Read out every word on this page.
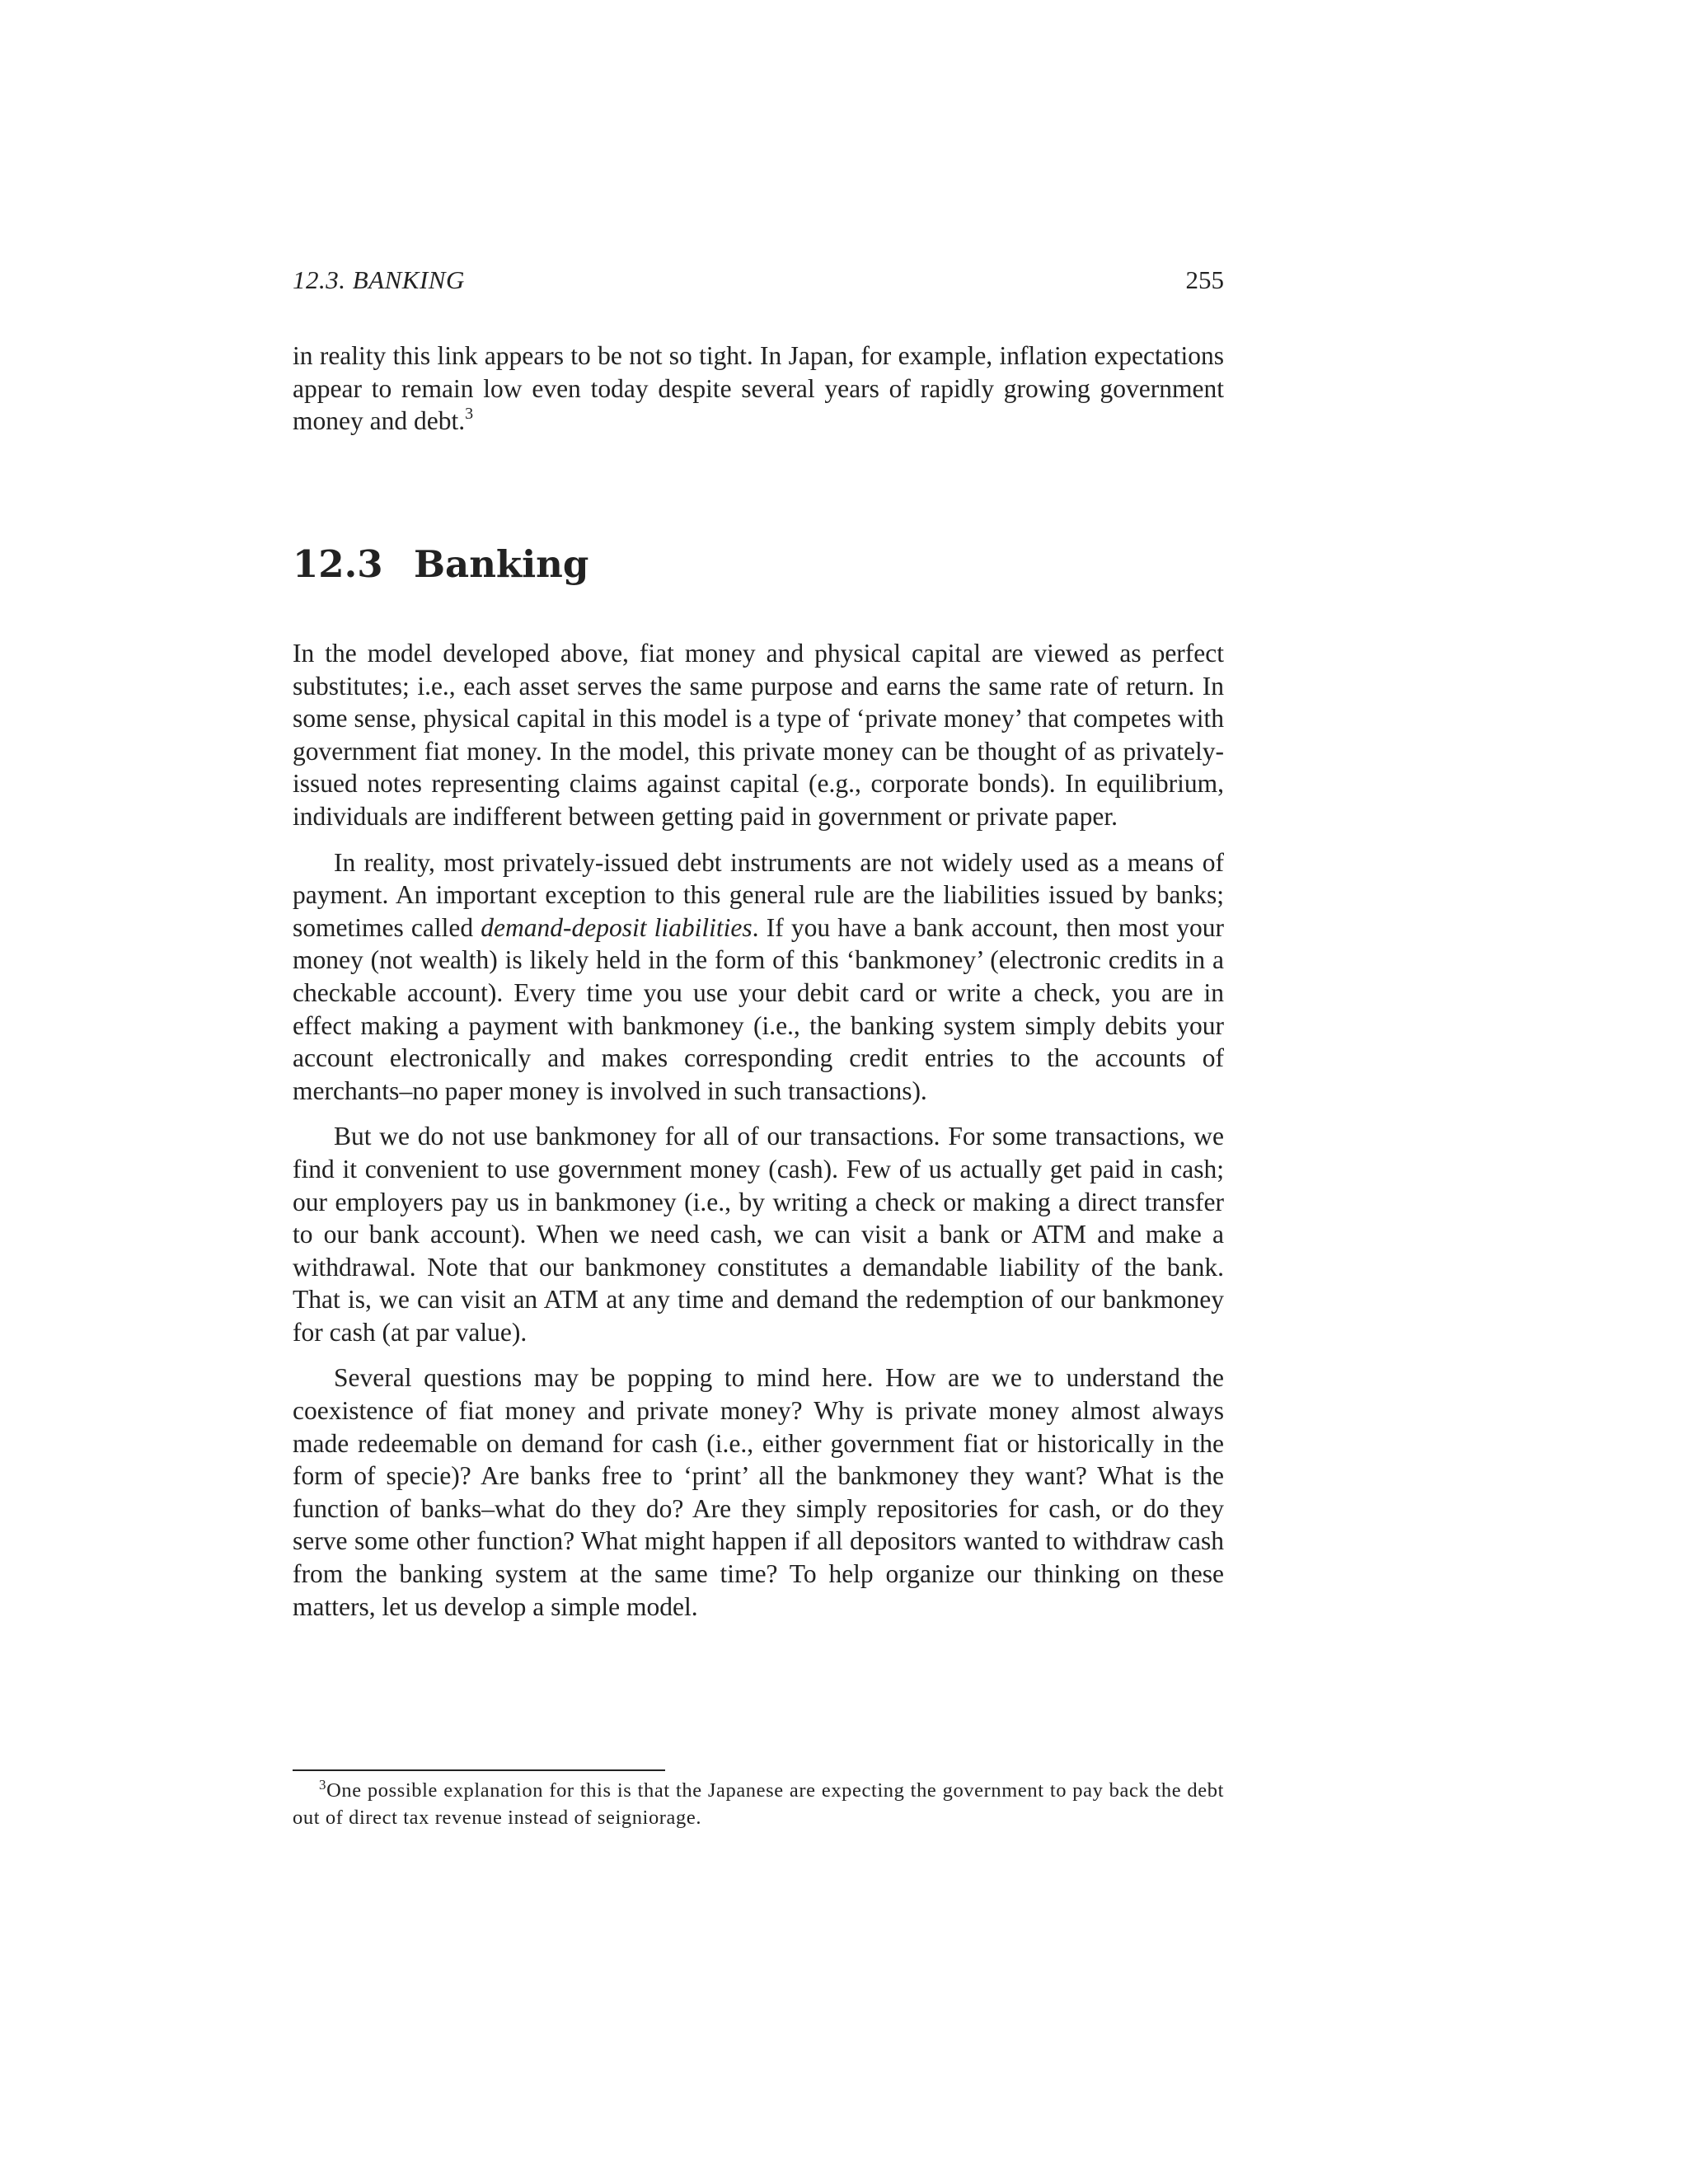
12.3. BANKING	255

in reality this link appears to be not so tight. In Japan, for example, inflation expectations appear to remain low even today despite several years of rapidly growing government money and debt.$^3$

12.3 Banking

In the model developed above, fiat money and physical capital are viewed as perfect substitutes; i.e., each asset serves the same purpose and earns the same rate of return. In some sense, physical capital in this model is a type of ‘private money’ that competes with government fiat money. In the model, this private money can be thought of as privately-issued notes representing claims against capital (e.g., corporate bonds). In equilibrium, individuals are indifferent between getting paid in government or private paper.

In reality, most privately-issued debt instruments are not widely used as a means of payment. An important exception to this general rule are the liabilities issued by banks; sometimes called demand-deposit liabilities. If you have a bank account, then most your money (not wealth) is likely held in the form of this ‘bankmoney’ (electronic credits in a checkable account). Every time you use your debit card or write a check, you are in effect making a payment with bankmoney (i.e., the banking system simply debits your account electronically and makes corresponding credit entries to the accounts of merchants–no paper money is involved in such transactions).

But we do not use bankmoney for all of our transactions. For some transactions, we find it convenient to use government money (cash). Few of us actually get paid in cash; our employers pay us in bankmoney (i.e., by writing a check or making a direct transfer to our bank account). When we need cash, we can visit a bank or ATM and make a withdrawal. Note that our bankmoney constitutes a demandable liability of the bank. That is, we can visit an ATM at any time and demand the redemption of our bankmoney for cash (at par value).

Several questions may be popping to mind here. How are we to understand the coexistence of fiat money and private money? Why is private money almost always made redeemable on demand for cash (i.e., either government fiat or historically in the form of specie)? Are banks free to ‘print’ all the bankmoney they want? What is the function of banks–what do they do? Are they simply repositories for cash, or do they serve some other function? What might happen if all depositors wanted to withdraw cash from the banking system at the same time? To help organize our thinking on these matters, let us develop a simple model.

$^3$One possible explanation for this is that the Japanese are expecting the government to pay back the debt out of direct tax revenue instead of seigniorage.
